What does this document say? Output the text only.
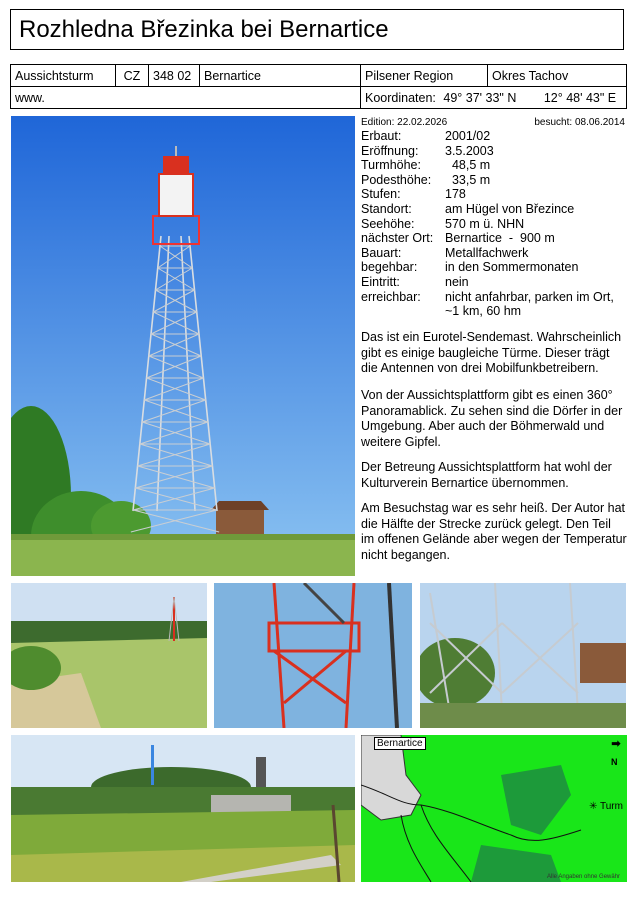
Rozhledna Březinka bei Bernartice
Aussichtsturm	CZ	348 02	Bernartice	Pilsener Region	Okres Tachov
www.				Koordinaten: 49° 37' 33" N 12° 48' 43" E	
Edition: 22.02.2026	besucht: 08.06.2014
Erbaut:	2001/02
Eröffnung:	3.5.2003
Turmhöhe:	48,5 m
Podesthöhe:	33,5 m
Stufen:	178
Standort:	am Hügel von Březince
Seehöhe:	570 m ü. NHN
nächster Ort: Bernartice  -  900 m
Bauart:	Metallfachwerk
begehbar:	in den Sommermonaten
Eintritt:	nein
erreichbar:	nicht anfahrbar, parken im Ort,
~1 km, 60 hm
Das ist ein Eurotel-Sendemast. Wahrscheinlich gibt es einige baugleiche Türme. Dieser trägt die Antennen von drei Mobilfunkbetreibern.
Von der Aussichtsplattform gibt es einen 360° Panoramablick. Zu sehen sind die Dörfer in der Umgebung. Aber auch der Böhmerwald und weitere Gipfel.
Der Betreung Aussichtsplattform hat wohl der Kulturverein Bernartice übernommen.
Am Besuchstag war es sehr heiß. Der Autor hat die Hälfte der Strecke zurück gelegt. Den Teil im offenen Gelände aber wegen der Temperatur nicht begangen.
Bernartice
✳ Turm
⬆
N
Alle Angaben ohne Gewähr
